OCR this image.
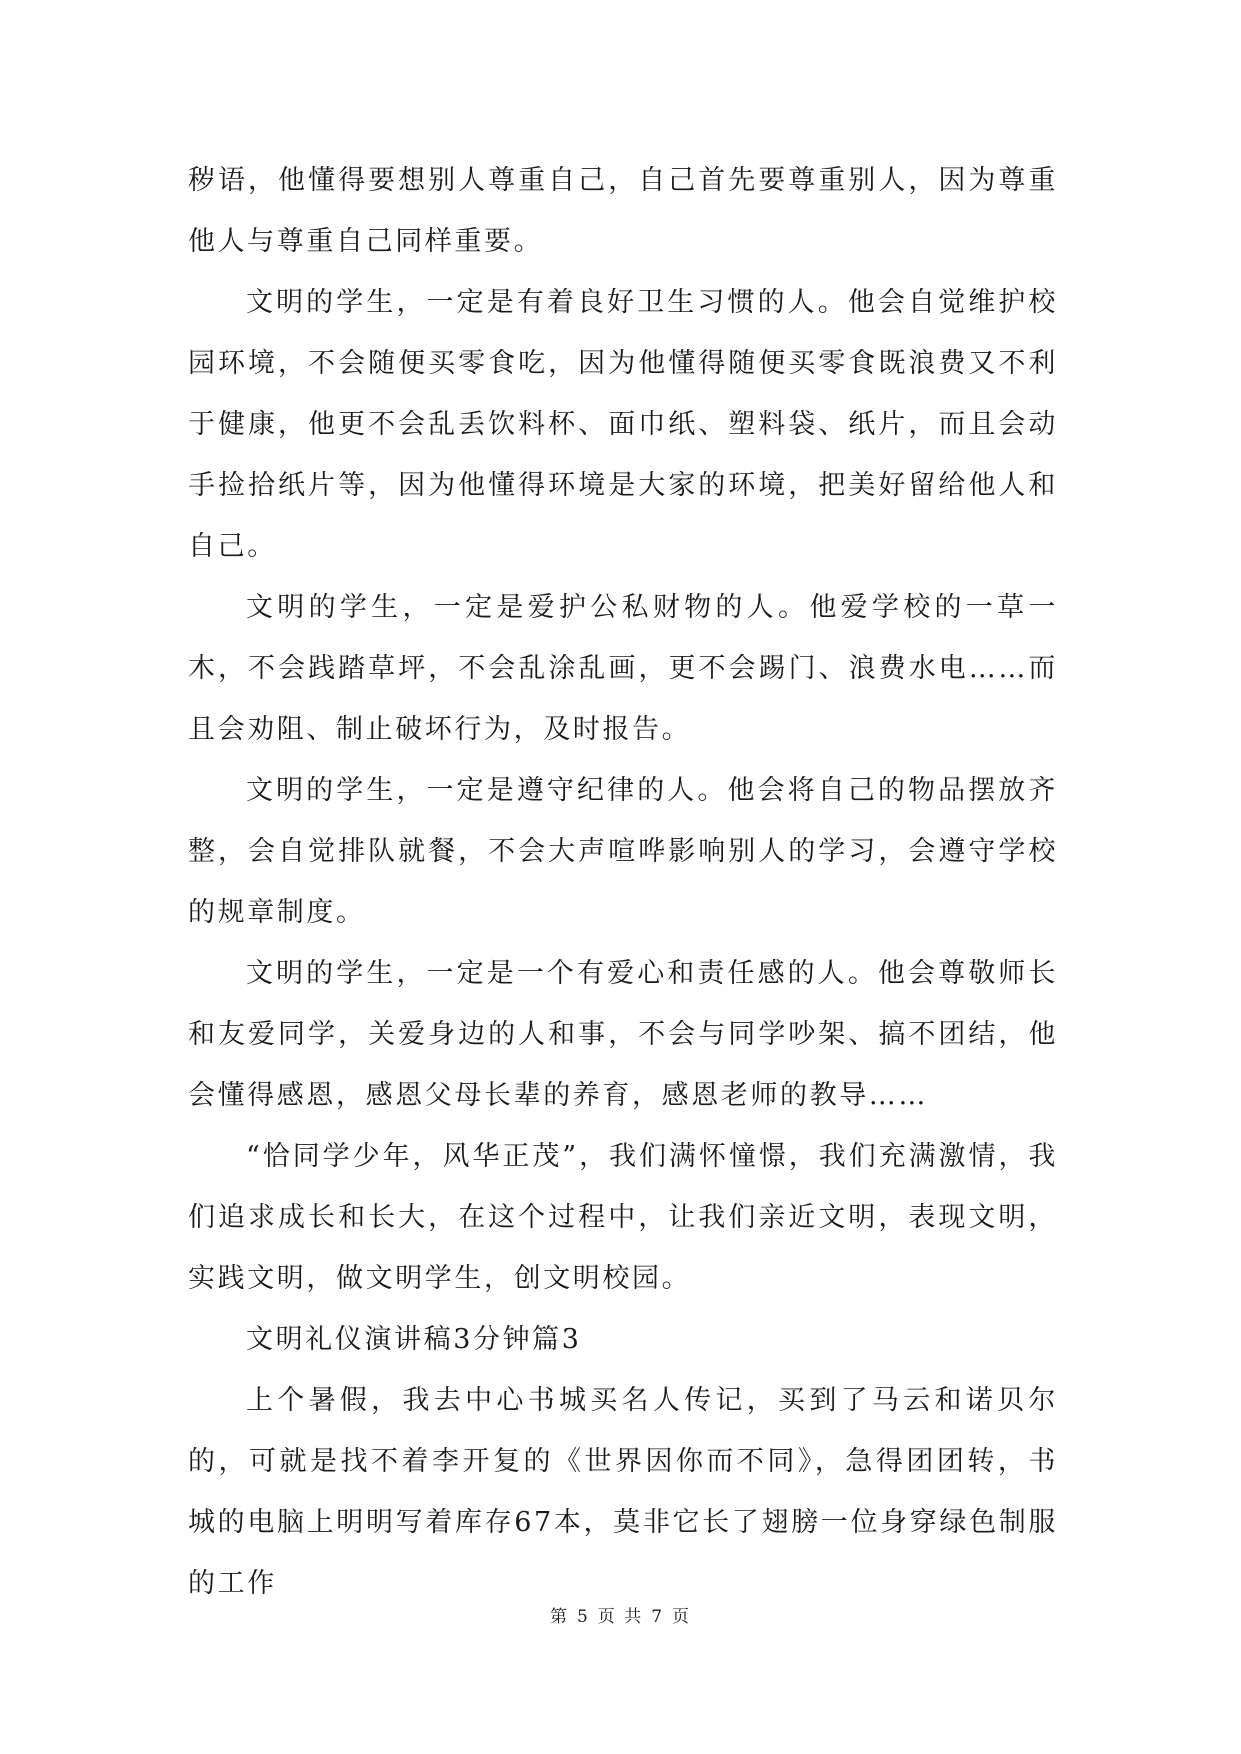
秽语，他懂得要想别人尊重自己，自己首先要尊重别人，因为尊重他人与尊重自己同样重要。

文明的学生，一定是有着良好卫生习惯的人。他会自觉维护校园环境，不会随便买零食吃，因为他懂得随便买零食既浪费又不利于健康，他更不会乱丢饮料杯、面巾纸、塑料袋、纸片，而且会动手捡拾纸片等，因为他懂得环境是大家的环境，把美好留给他人和自己。

文明的学生，一定是爱护公私财物的人。他爱学校的一草一木，不会践踏草坪，不会乱涂乱画，更不会踢门、浪费水电……而且会劝阻、制止破坏行为，及时报告。

文明的学生，一定是遵守纪律的人。他会将自己的物品摆放齐整，会自觉排队就餐，不会大声喧哗影响别人的学习，会遵守学校的规章制度。

文明的学生，一定是一个有爱心和责任感的人。他会尊敬师长和友爱同学，关爱身边的人和事，不会与同学吵架、搞不团结，他会懂得感恩，感恩父母长辈的养育，感恩老师的教导……

“恰同学少年，风华正茂”，我们满怀憧憬，我们充满激情，我们追求成长和长大，在这个过程中，让我们亲近文明，表现文明，实践文明，做文明学生，创文明校园。

文明礼仪演讲稿3分钟篇3

上个暑假，我去中心书城买名人传记，买到了马云和诺贝尔的，可就是找不着李开复的《世界因你而不同》，急得团团转，书城的电脑上明明写着库存67本，莫非它长了翅膀一位身穿绿色制服的工作

第 5 页 共 7 页
